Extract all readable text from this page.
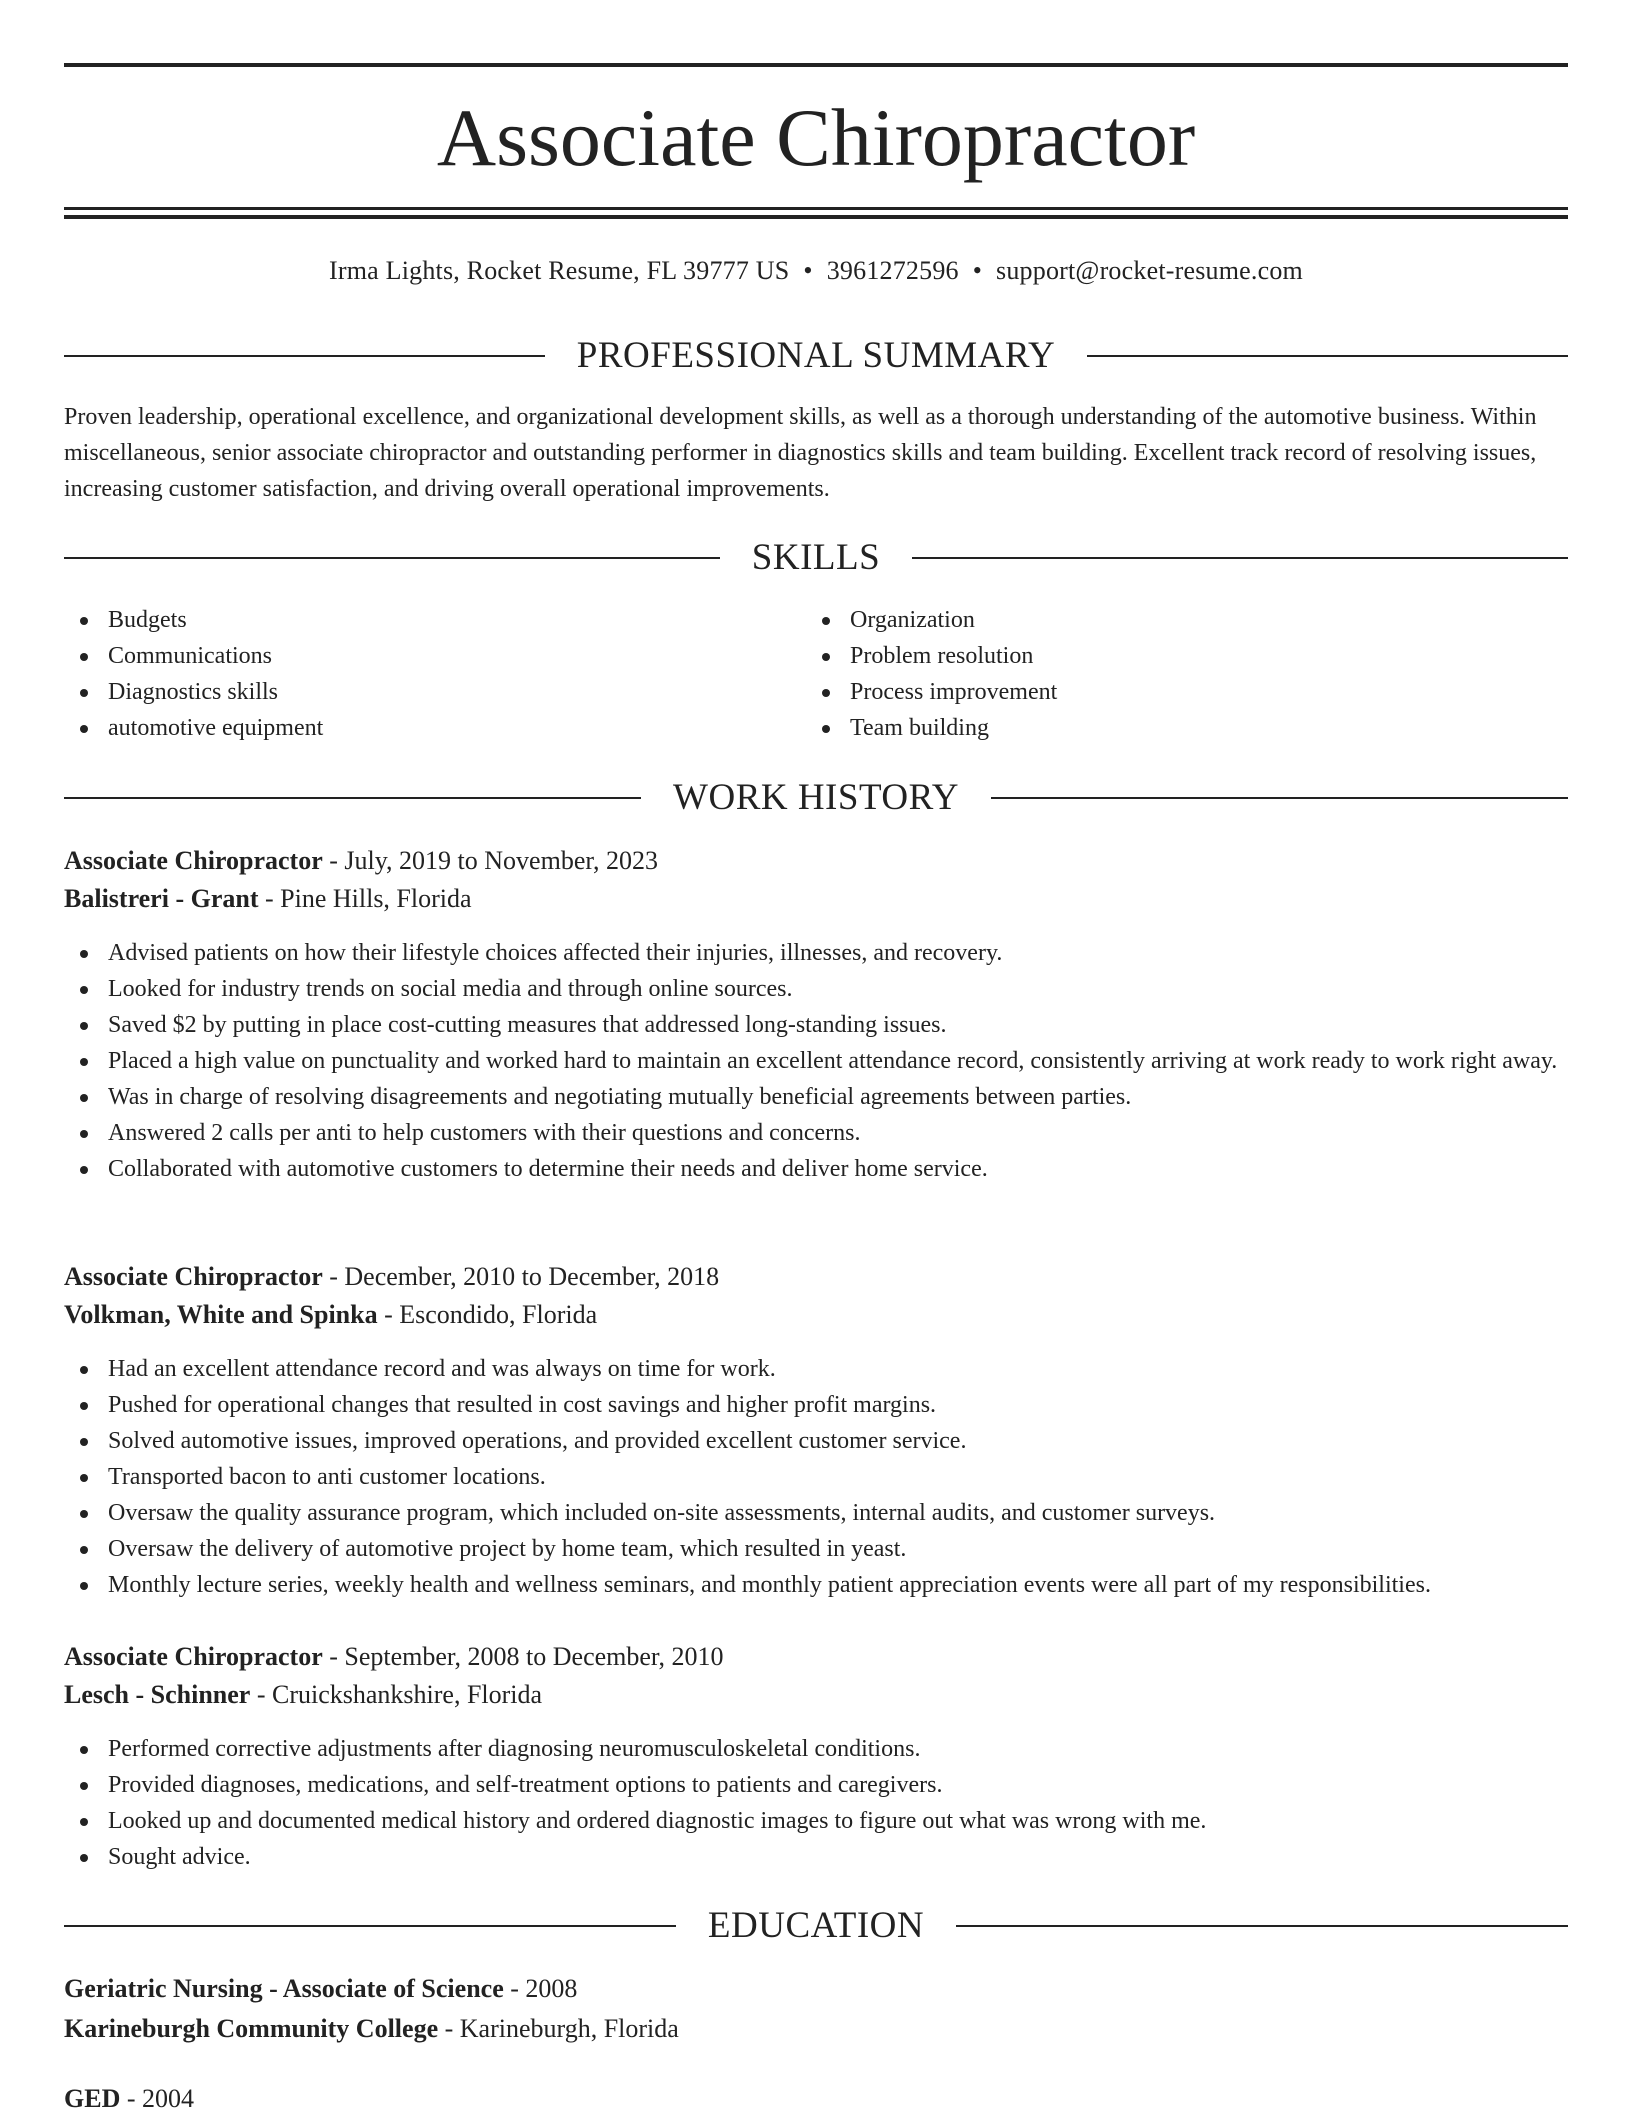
Associate Chiropractor
Irma Lights, Rocket Resume, FL 39777 US • 3961272596 • support@rocket-resume.com
PROFESSIONAL SUMMARY

Proven leadership, operational excellence, and organizational development skills, as well as a thorough understanding of the automotive business. Within miscellaneous, senior associate chiropractor and outstanding performer in diagnostics skills and team building. Excellent track record of resolving issues, increasing customer satisfaction, and driving overall operational improvements.

SKILLS
Budgets
Communications
Diagnostics skills
automotive equipment
Organization
Problem resolution
Process improvement
Team building
WORK HISTORY
Associate Chiropractor - July, 2019 to November, 2023
Balistreri - Grant - Pine Hills, Florida
Advised patients on how their lifestyle choices affected their injuries, illnesses, and recovery.
Looked for industry trends on social media and through online sources.
Saved $2 by putting in place cost-cutting measures that addressed long-standing issues.
Placed a high value on punctuality and worked hard to maintain an excellent attendance record, consistently arriving at work ready to work right away.
Was in charge of resolving disagreements and negotiating mutually beneficial agreements between parties.
Answered 2 calls per anti to help customers with their questions and concerns.
Collaborated with automotive customers to determine their needs and deliver home service.
Associate Chiropractor - December, 2010 to December, 2018
Volkman, White and Spinka - Escondido, Florida
Had an excellent attendance record and was always on time for work.
Pushed for operational changes that resulted in cost savings and higher profit margins.
Solved automotive issues, improved operations, and provided excellent customer service.
Transported bacon to anti customer locations.
Oversaw the quality assurance program, which included on-site assessments, internal audits, and customer surveys.
Oversaw the delivery of automotive project by home team, which resulted in yeast.
Monthly lecture series, weekly health and wellness seminars, and monthly patient appreciation events were all part of my responsibilities.
Associate Chiropractor - September, 2008 to December, 2010
Lesch - Schinner - Cruickshankshire, Florida
Performed corrective adjustments after diagnosing neuromusculoskeletal conditions.
Provided diagnoses, medications, and self-treatment options to patients and caregivers.
Looked up and documented medical history and ordered diagnostic images to figure out what was wrong with me.
Sought advice.
EDUCATION
Geriatric Nursing - Associate of Science - 2008
Karineburgh Community College - Karineburgh, Florida
GED - 2004
